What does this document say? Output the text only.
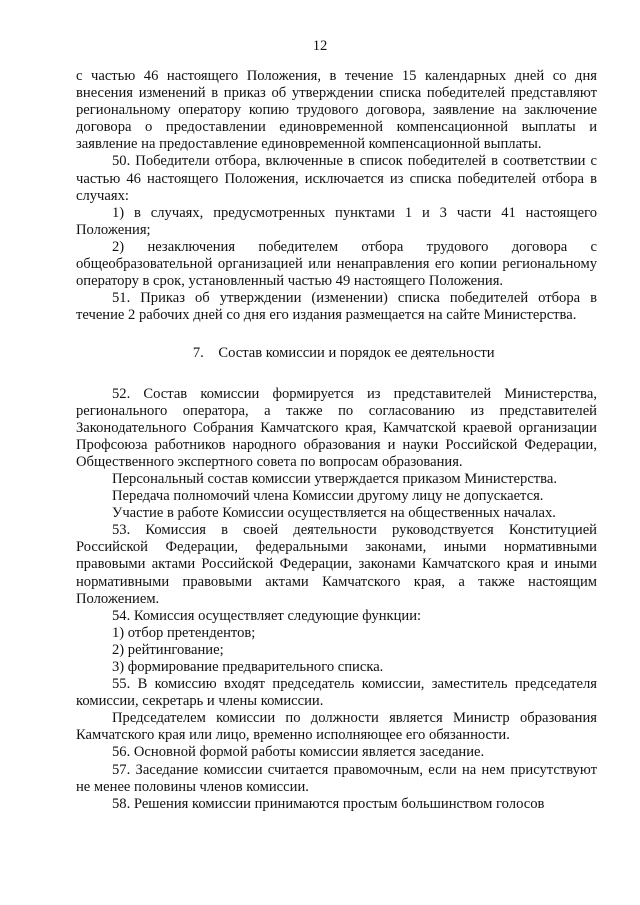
12

с частью 46 настоящего Положения, в течение 15 календарных дней со дня внесения изменений в приказ об утверждении списка победителей представляют региональному оператору копию трудового договора, заявление на заключение договора о предоставлении единовременной компенсационной выплаты и заявление на предоставление единовременной компенсационной выплаты.

50. Победители отбора, включенные в список победителей в соответствии с частью 46 настоящего Положения, исключается из списка победителей отбора в случаях:

1) в случаях, предусмотренных пунктами 1 и 3 части 41 настоящего Положения;

2) незаключения победителем отбора трудового договора с общеобразовательной организацией или ненаправления его копии региональному оператору в срок, установленный частью 49 настоящего Положения.

51. Приказ об утверждении (изменении) списка победителей отбора в течение 2 рабочих дней со дня его издания размещается на сайте Министерства.

7. Состав комиссии и порядок ее деятельности

52. Состав комиссии формируется из представителей Министерства, регионального оператора, а также по согласованию из представителей Законодательного Собрания Камчатского края, Камчатской краевой организации Профсоюза работников народного образования и науки Российской Федерации, Общественного экспертного совета по вопросам образования.

Персональный состав комиссии утверждается приказом Министерства.

Передача полномочий члена Комиссии другому лицу не допускается.

Участие в работе Комиссии осуществляется на общественных началах.

53. Комиссия в своей деятельности руководствуется Конституцией Российской Федерации, федеральными законами, иными нормативными правовыми актами Российской Федерации, законами Камчатского края и иными нормативными правовыми актами Камчатского края, а также настоящим Положением.

54. Комиссия осуществляет следующие функции:

1) отбор претендентов;

2) рейтингование;

3) формирование предварительного списка.

55. В комиссию входят председатель комиссии, заместитель председателя комиссии, секретарь и члены комиссии.

Председателем комиссии по должности является Министр образования Камчатского края или лицо, временно исполняющее его обязанности.

56. Основной формой работы комиссии является заседание.

57. Заседание комиссии считается правомочным, если на нем присутствуют не менее половины членов комиссии.

58. Решения комиссии принимаются простым большинством голосов
